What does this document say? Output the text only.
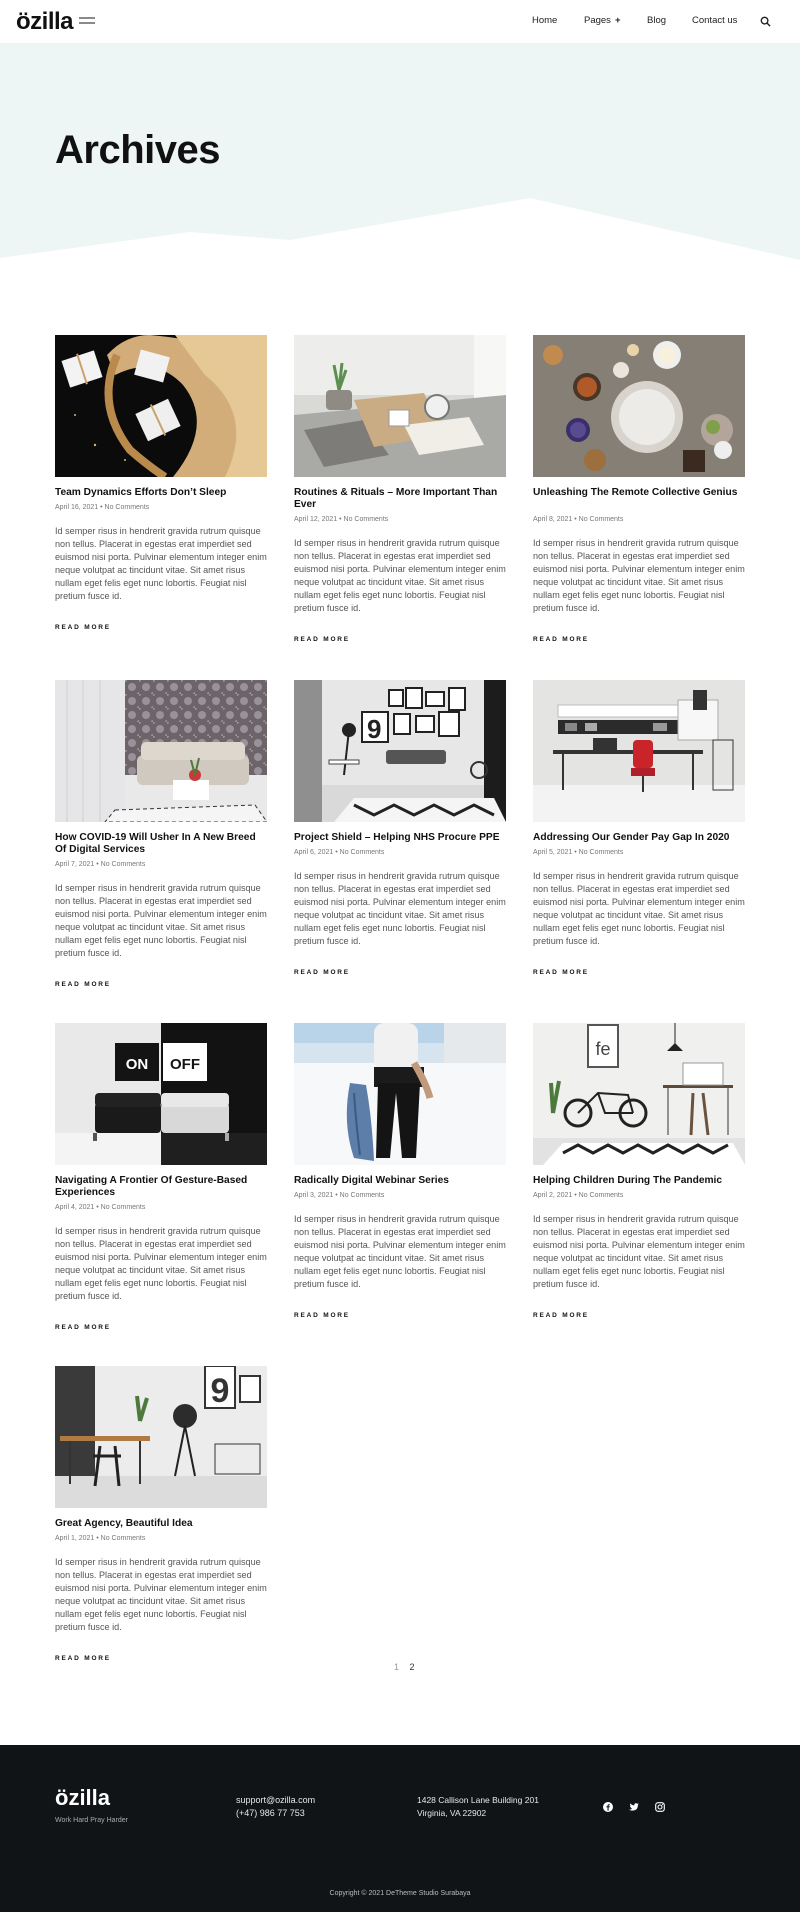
özilla	Home	Pages +	Blog	Contact us
Archives
Team Dynamics Efforts Don’t Sleep
April 16, 2021 • No Comments
Id semper risus in hendrerit gravida rutrum quisque non tellus. Placerat in egestas erat imperdiet sed euismod nisi porta. Pulvinar elementum integer enim neque volutpat ac tincidunt vitae. Sit amet risus nullam eget felis eget nunc lobortis. Feugiat nisl pretium fusce id.
READ MORE
Routines & Rituals – More Important Than Ever
April 12, 2021 • No Comments
Id semper risus in hendrerit gravida rutrum quisque non tellus. Placerat in egestas erat imperdiet sed euismod nisi porta. Pulvinar elementum integer enim neque volutpat ac tincidunt vitae. Sit amet risus nullam eget felis eget nunc lobortis. Feugiat nisl pretium fusce id.
READ MORE
Unleashing The Remote Collective Genius
April 8, 2021 • No Comments
Id semper risus in hendrerit gravida rutrum quisque non tellus. Placerat in egestas erat imperdiet sed euismod nisi porta. Pulvinar elementum integer enim neque volutpat ac tincidunt vitae. Sit amet risus nullam eget felis eget nunc lobortis. Feugiat nisl pretium fusce id.
READ MORE
How COVID-19 Will Usher In A New Breed Of Digital Services
April 7, 2021 • No Comments
Id semper risus in hendrerit gravida rutrum quisque non tellus. Placerat in egestas erat imperdiet sed euismod nisi porta. Pulvinar elementum integer enim neque volutpat ac tincidunt vitae. Sit amet risus nullam eget felis eget nunc lobortis. Feugiat nisl pretium fusce id.
READ MORE
9
Project Shield – Helping NHS Procure PPE
April 6, 2021 • No Comments
Id semper risus in hendrerit gravida rutrum quisque non tellus. Placerat in egestas erat imperdiet sed euismod nisi porta. Pulvinar elementum integer enim neque volutpat ac tincidunt vitae. Sit amet risus nullam eget felis eget nunc lobortis. Feugiat nisl pretium fusce id.
READ MORE
Addressing Our Gender Pay Gap In 2020
April 5, 2021 • No Comments
Id semper risus in hendrerit gravida rutrum quisque non tellus. Placerat in egestas erat imperdiet sed euismod nisi porta. Pulvinar elementum integer enim neque volutpat ac tincidunt vitae. Sit amet risus nullam eget felis eget nunc lobortis. Feugiat nisl pretium fusce id.
READ MORE
ON OFF
Navigating A Frontier Of Gesture-Based Experiences
April 4, 2021 • No Comments
Id semper risus in hendrerit gravida rutrum quisque non tellus. Placerat in egestas erat imperdiet sed euismod nisi porta. Pulvinar elementum integer enim neque volutpat ac tincidunt vitae. Sit amet risus nullam eget felis eget nunc lobortis. Feugiat nisl pretium fusce id.
READ MORE
Radically Digital Webinar Series
April 3, 2021 • No Comments
Id semper risus in hendrerit gravida rutrum quisque non tellus. Placerat in egestas erat imperdiet sed euismod nisi porta. Pulvinar elementum integer enim neque volutpat ac tincidunt vitae. Sit amet risus nullam eget felis eget nunc lobortis. Feugiat nisl pretium fusce id.
READ MORE
fe
Helping Children During The Pandemic
April 2, 2021 • No Comments
Id semper risus in hendrerit gravida rutrum quisque non tellus. Placerat in egestas erat imperdiet sed euismod nisi porta. Pulvinar elementum integer enim neque volutpat ac tincidunt vitae. Sit amet risus nullam eget felis eget nunc lobortis. Feugiat nisl pretium fusce id.
READ MORE
9
Great Agency, Beautiful Idea
April 1, 2021 • No Comments
Id semper risus in hendrerit gravida rutrum quisque non tellus. Placerat in egestas erat imperdiet sed euismod nisi porta. Pulvinar elementum integer enim neque volutpat ac tincidunt vitae. Sit amet risus nullam eget felis eget nunc lobortis. Feugiat nisl pretium fusce id.
READ MORE
1 2
özilla
Work Hard Pray Harder
support@ozilla.com
(+47) 986 77 753
1428 Callison Lane Building 201
Virginia, VA 22902
Copyright © 2021 DeTheme Studio Surabaya
